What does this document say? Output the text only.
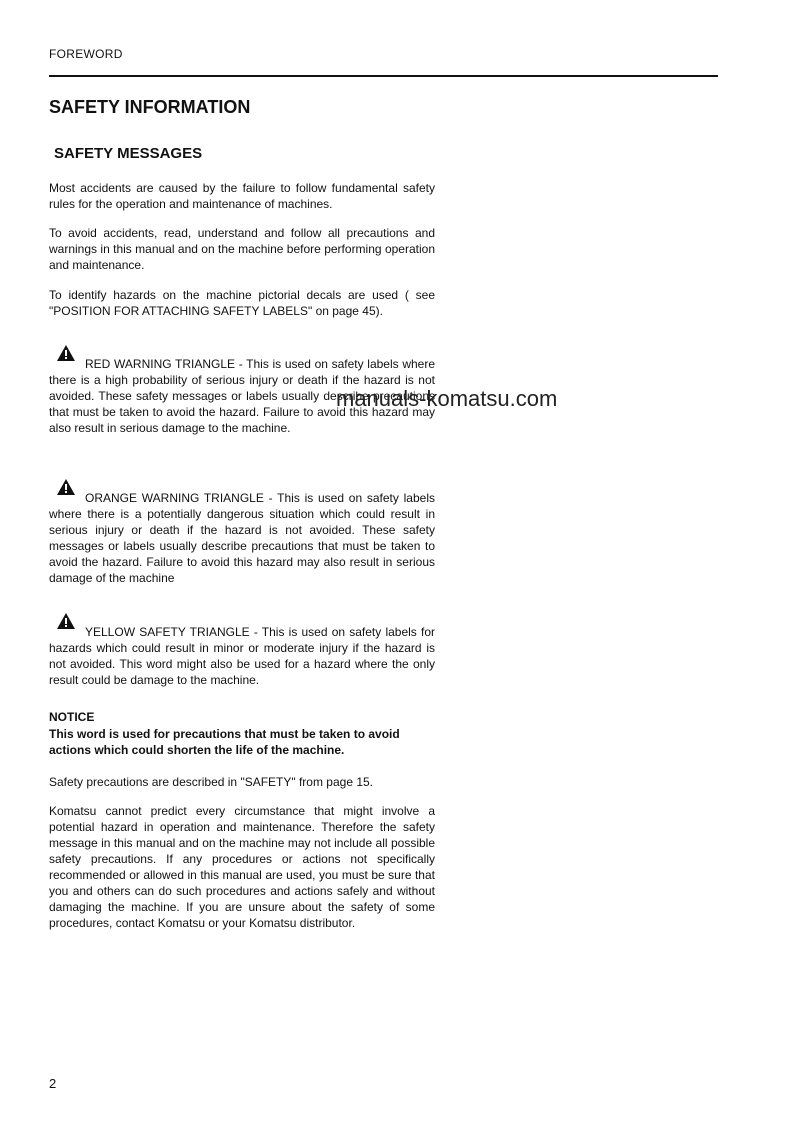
FOREWORD
SAFETY INFORMATION
SAFETY MESSAGES

Most accidents are caused by the failure to follow fundamental safety rules for the operation and maintenance of machines.

To avoid accidents, read, understand and follow all precautions and warnings in this manual and on the machine before performing operation and maintenance.

To identify hazards on the machine pictorial decals are used ( see "POSITION FOR ATTACHING SAFETY LABELS" on page 45).

RED WARNING TRIANGLE - This is used on safety labels where there is a high probability of serious injury or death if the hazard is not avoided. These safety messages or labels usually describe precautions that must be taken to avoid the hazard. Failure to avoid this hazard may also result in serious damage to the machine.

ORANGE WARNING TRIANGLE - This is used on safety labels where there is a potentially dangerous situation which could result in serious injury or death if the hazard is not avoided. These safety messages or labels usually describe precautions that must be taken to avoid the hazard. Failure to avoid this hazard may also result in serious damage of the machine

YELLOW SAFETY TRIANGLE - This is used on safety labels for hazards which could result in minor or moderate injury if the hazard is not avoided. This word might also be used for a hazard where the only result could be damage to the machine.

NOTICE

This word is used for precautions that must be taken to avoid actions which could shorten the life of the machine.

Safety precautions are described in "SAFETY" from page 15.

Komatsu cannot predict every circumstance that might involve a potential hazard in operation and maintenance. Therefore the safety message in this manual and on the machine may not include all possible safety precautions. If any procedures or actions not specifically recommended or allowed in this manual are used, you must be sure that you and others can do such procedures and actions safely and without damaging the machine. If you are unsure about the safety of some procedures, contact Komatsu or your Komatsu distributor.

manuals-komatsu.com
2
